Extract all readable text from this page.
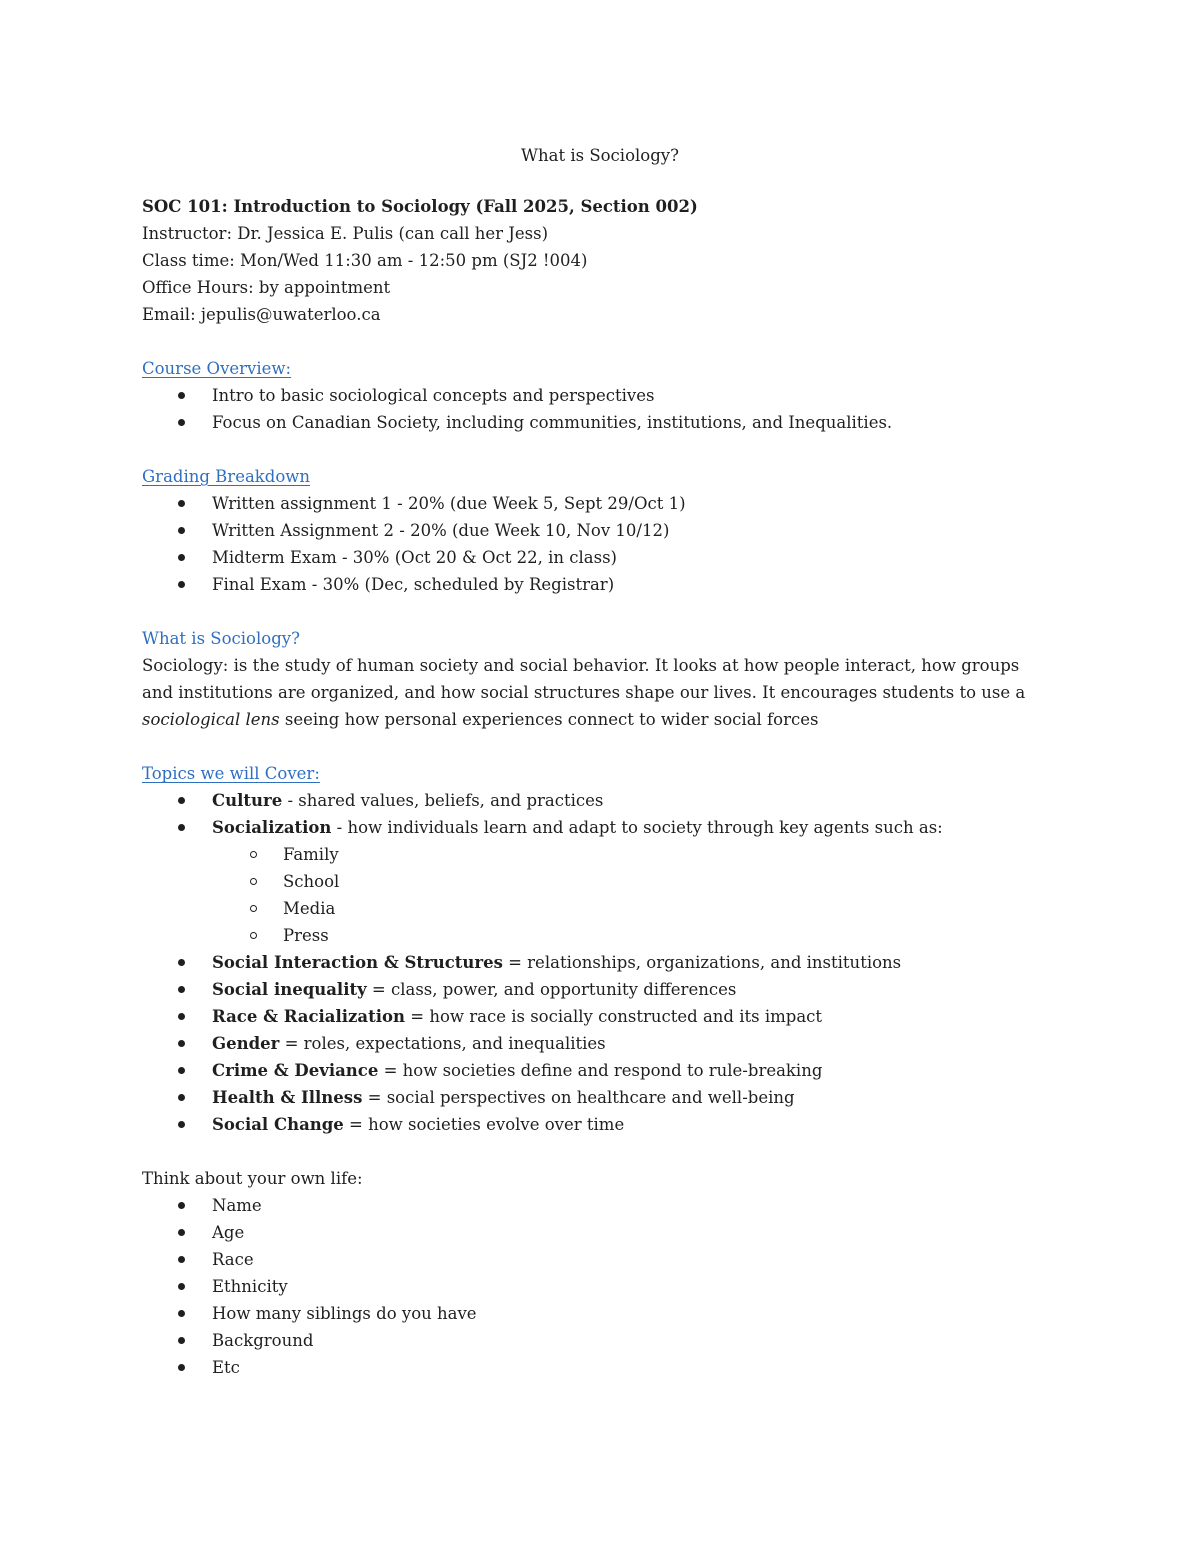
What is Sociology?
SOC 101: Introduction to Sociology (Fall 2025, Section 002)
Instructor: Dr. Jessica E. Pulis (can call her Jess)
Class time: Mon/Wed 11:30 am - 12:50 pm (SJ2 !004)
Office Hours: by appointment
Email: jepulis@uwaterloo.ca
Course Overview:
Intro to basic sociological concepts and perspectives
Focus on Canadian Society, including communities, institutions, and Inequalities.
Grading Breakdown
Written assignment 1 - 20% (due Week 5, Sept 29/Oct 1)
Written Assignment 2 - 20% (due Week 10, Nov 10/12)
Midterm Exam - 30% (Oct 20 & Oct 22, in class)
Final Exam - 30% (Dec, scheduled by Registrar)
What is Sociology?
Sociology: is the study of human society and social behavior. It looks at how people interact, how groups and institutions are organized, and how social structures shape our lives. It encourages students to use a sociological lens seeing how personal experiences connect to wider social forces
Topics we will Cover:
Culture - shared values, beliefs, and practices
Socialization - how individuals learn and adapt to society through key agents such as:
Family
School
Media
Press
Social Interaction & Structures = relationships, organizations, and institutions
Social inequality = class, power, and opportunity differences
Race & Racialization = how race is socially constructed and its impact
Gender = roles, expectations, and inequalities
Crime & Deviance = how societies define and respond to rule-breaking
Health & Illness = social perspectives on healthcare and well-being
Social Change = how societies evolve over time
Think about your own life:
Name
Age
Race
Ethnicity
How many siblings do you have
Background
Etc
